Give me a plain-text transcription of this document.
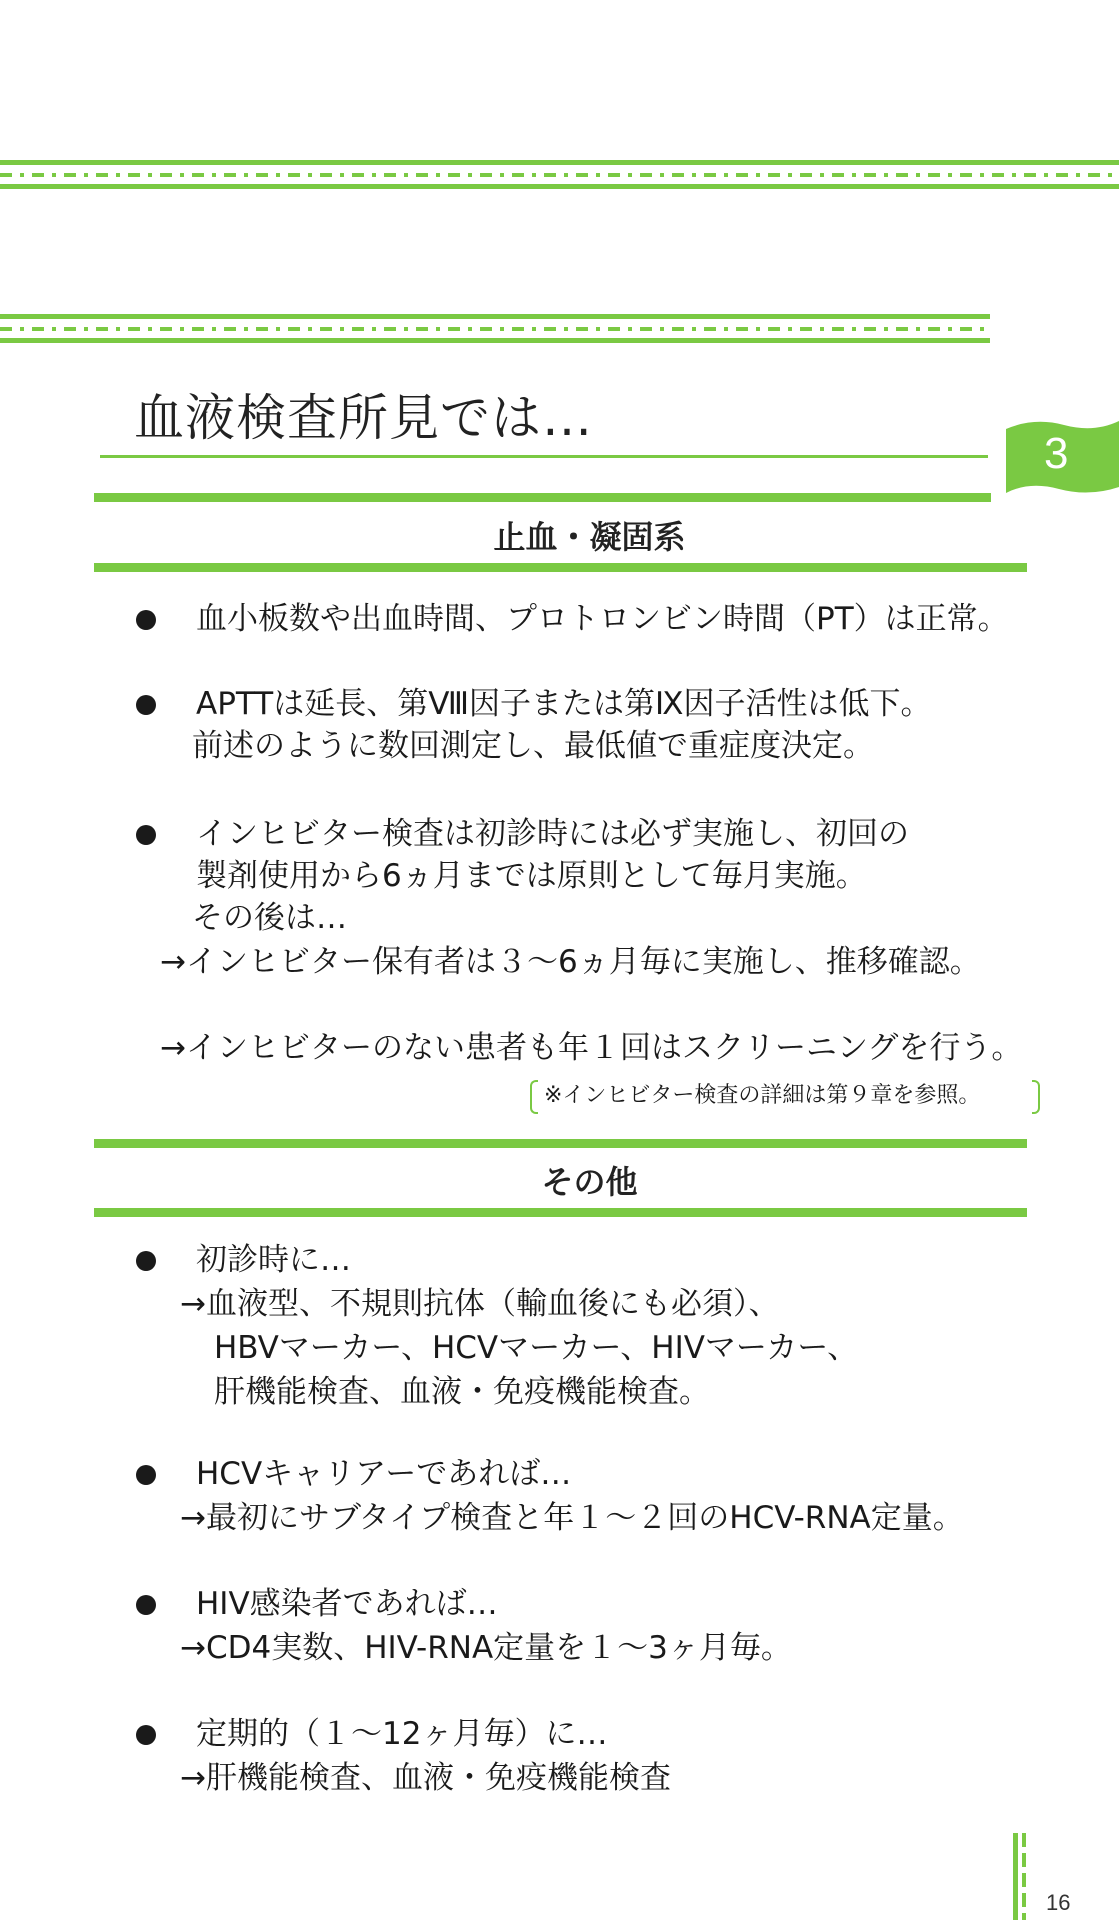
血液検査所見では…
3
止血・凝固系
血小板数や出血時間、プロトロンビン時間（PT）は正常。
APTTは延長、第Ⅷ因子または第Ⅸ因子活性は低下。
前述のように数回測定し、最低値で重症度決定。
インヒビター検査は初診時には必ず実施し、初回の
製剤使用から6ヵ月までは原則として毎月実施。
その後は…
→インヒビター保有者は３～6ヵ月毎に実施し、推移確認。
→インヒビターのない患者も年１回はスクリーニングを行う。
※インヒビター検査の詳細は第９章を参照。
その他
初診時に…
→血液型、不規則抗体（輸血後にも必須）、
HBVマーカー、HCVマーカー、HIVマーカー、
肝機能検査、血液・免疫機能検査。
HCVキャリアーであれば…
→最初にサブタイプ検査と年１～２回のHCV-RNA定量。
HIV感染者であれば…
→CD4実数、HIV-RNA定量を１～3ヶ月毎。
定期的（１～12ヶ月毎）に…
→肝機能検査、血液・免疫機能検査
16
